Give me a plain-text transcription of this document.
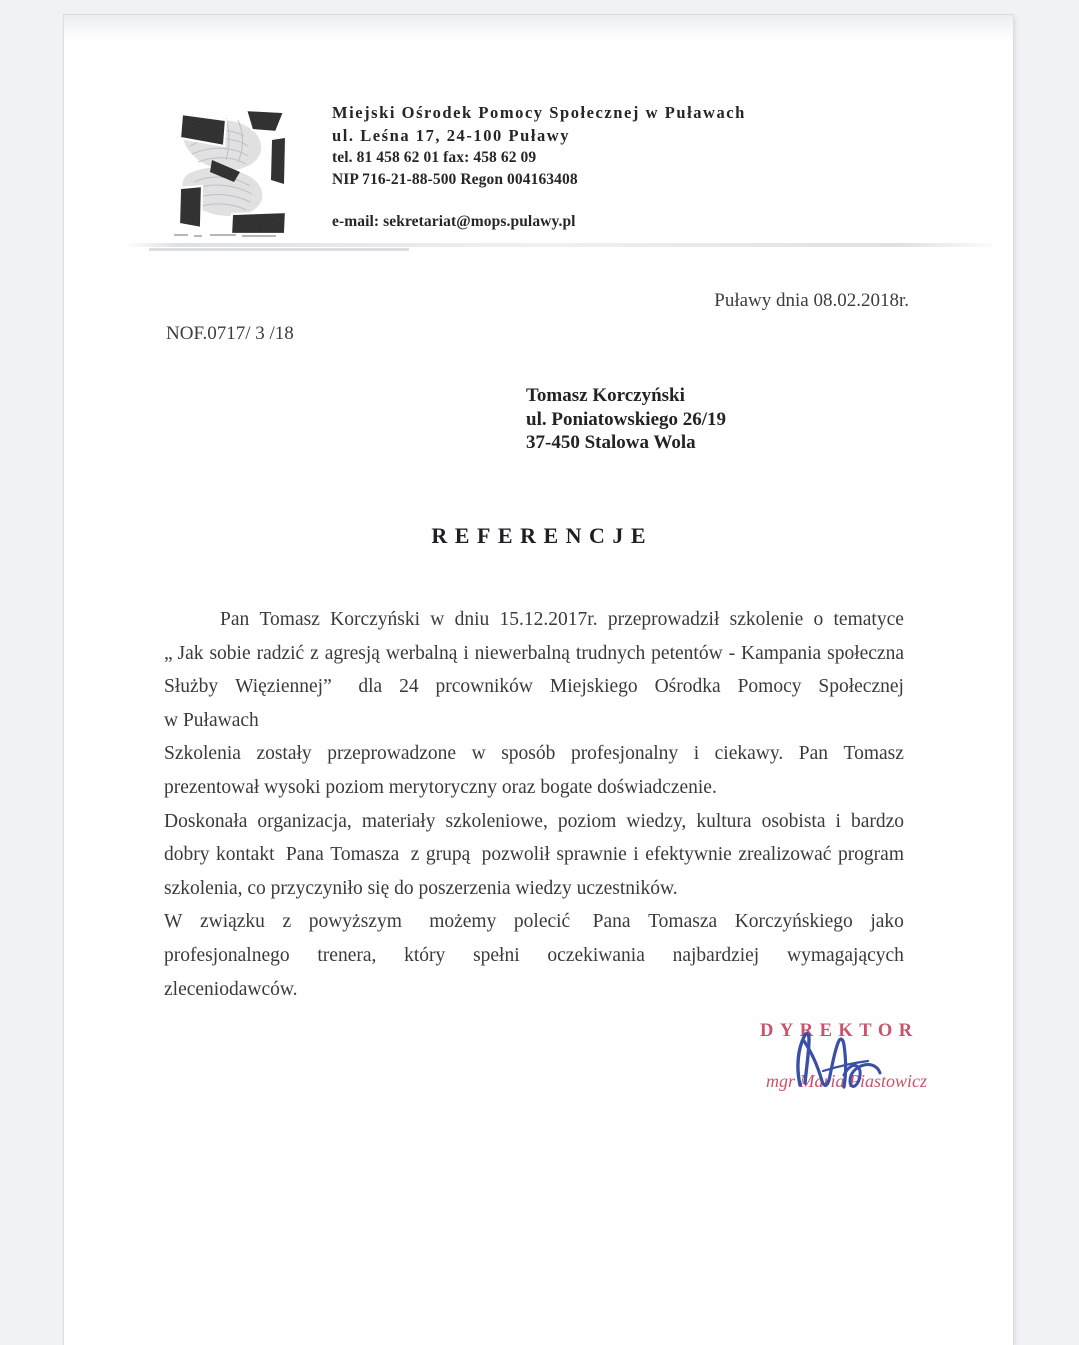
Miejski Ośrodek Pomocy Społecznej w Puławach
ul. Leśna 17, 24-100 Puławy
tel. 81 458 62 01 fax: 458 62 09
NIP 716-21-88-500 Regon 004163408
e-mail: sekretariat@mops.pulawy.pl
Puławy dnia 08.02.2018r.
NOF.0717/ 3 /18
Tomasz Korczyński
ul. Poniatowskiego 26/19
37-450 Stalowa Wola
REFERENCJE
Pan Tomasz Korczyński w dniu 15.12.2017r. przeprowadził szkolenie o tematyce
„ Jak sobie radzić z agresją werbalną i niewerbalną trudnych petentów - Kampania społeczna
Służby Więziennej” dla 24 prcowników Miejskiego Ośrodka Pomocy Społecznej
w Puławach
Szkolenia zostały przeprowadzone w sposób profesjonalny i ciekawy. Pan Tomasz
prezentował wysoki poziom merytoryczny oraz bogate doświadczenie.
Doskonała organizacja, materiały szkoleniowe, poziom wiedzy, kultura osobista i bardzo
dobry kontakt Pana Tomasza z grupą pozwolił sprawnie i efektywnie zrealizować program
szkolenia, co przyczyniło się do poszerzenia wiedzy uczestników.
W związku z powyższym możemy polecić Pana Tomasza Korczyńskiego jako
profesjonalnego trenera, który spełni oczekiwania najbardziej wymagających
zleceniodawców.
DYREKTOR
mgr Maria Piastowicz
